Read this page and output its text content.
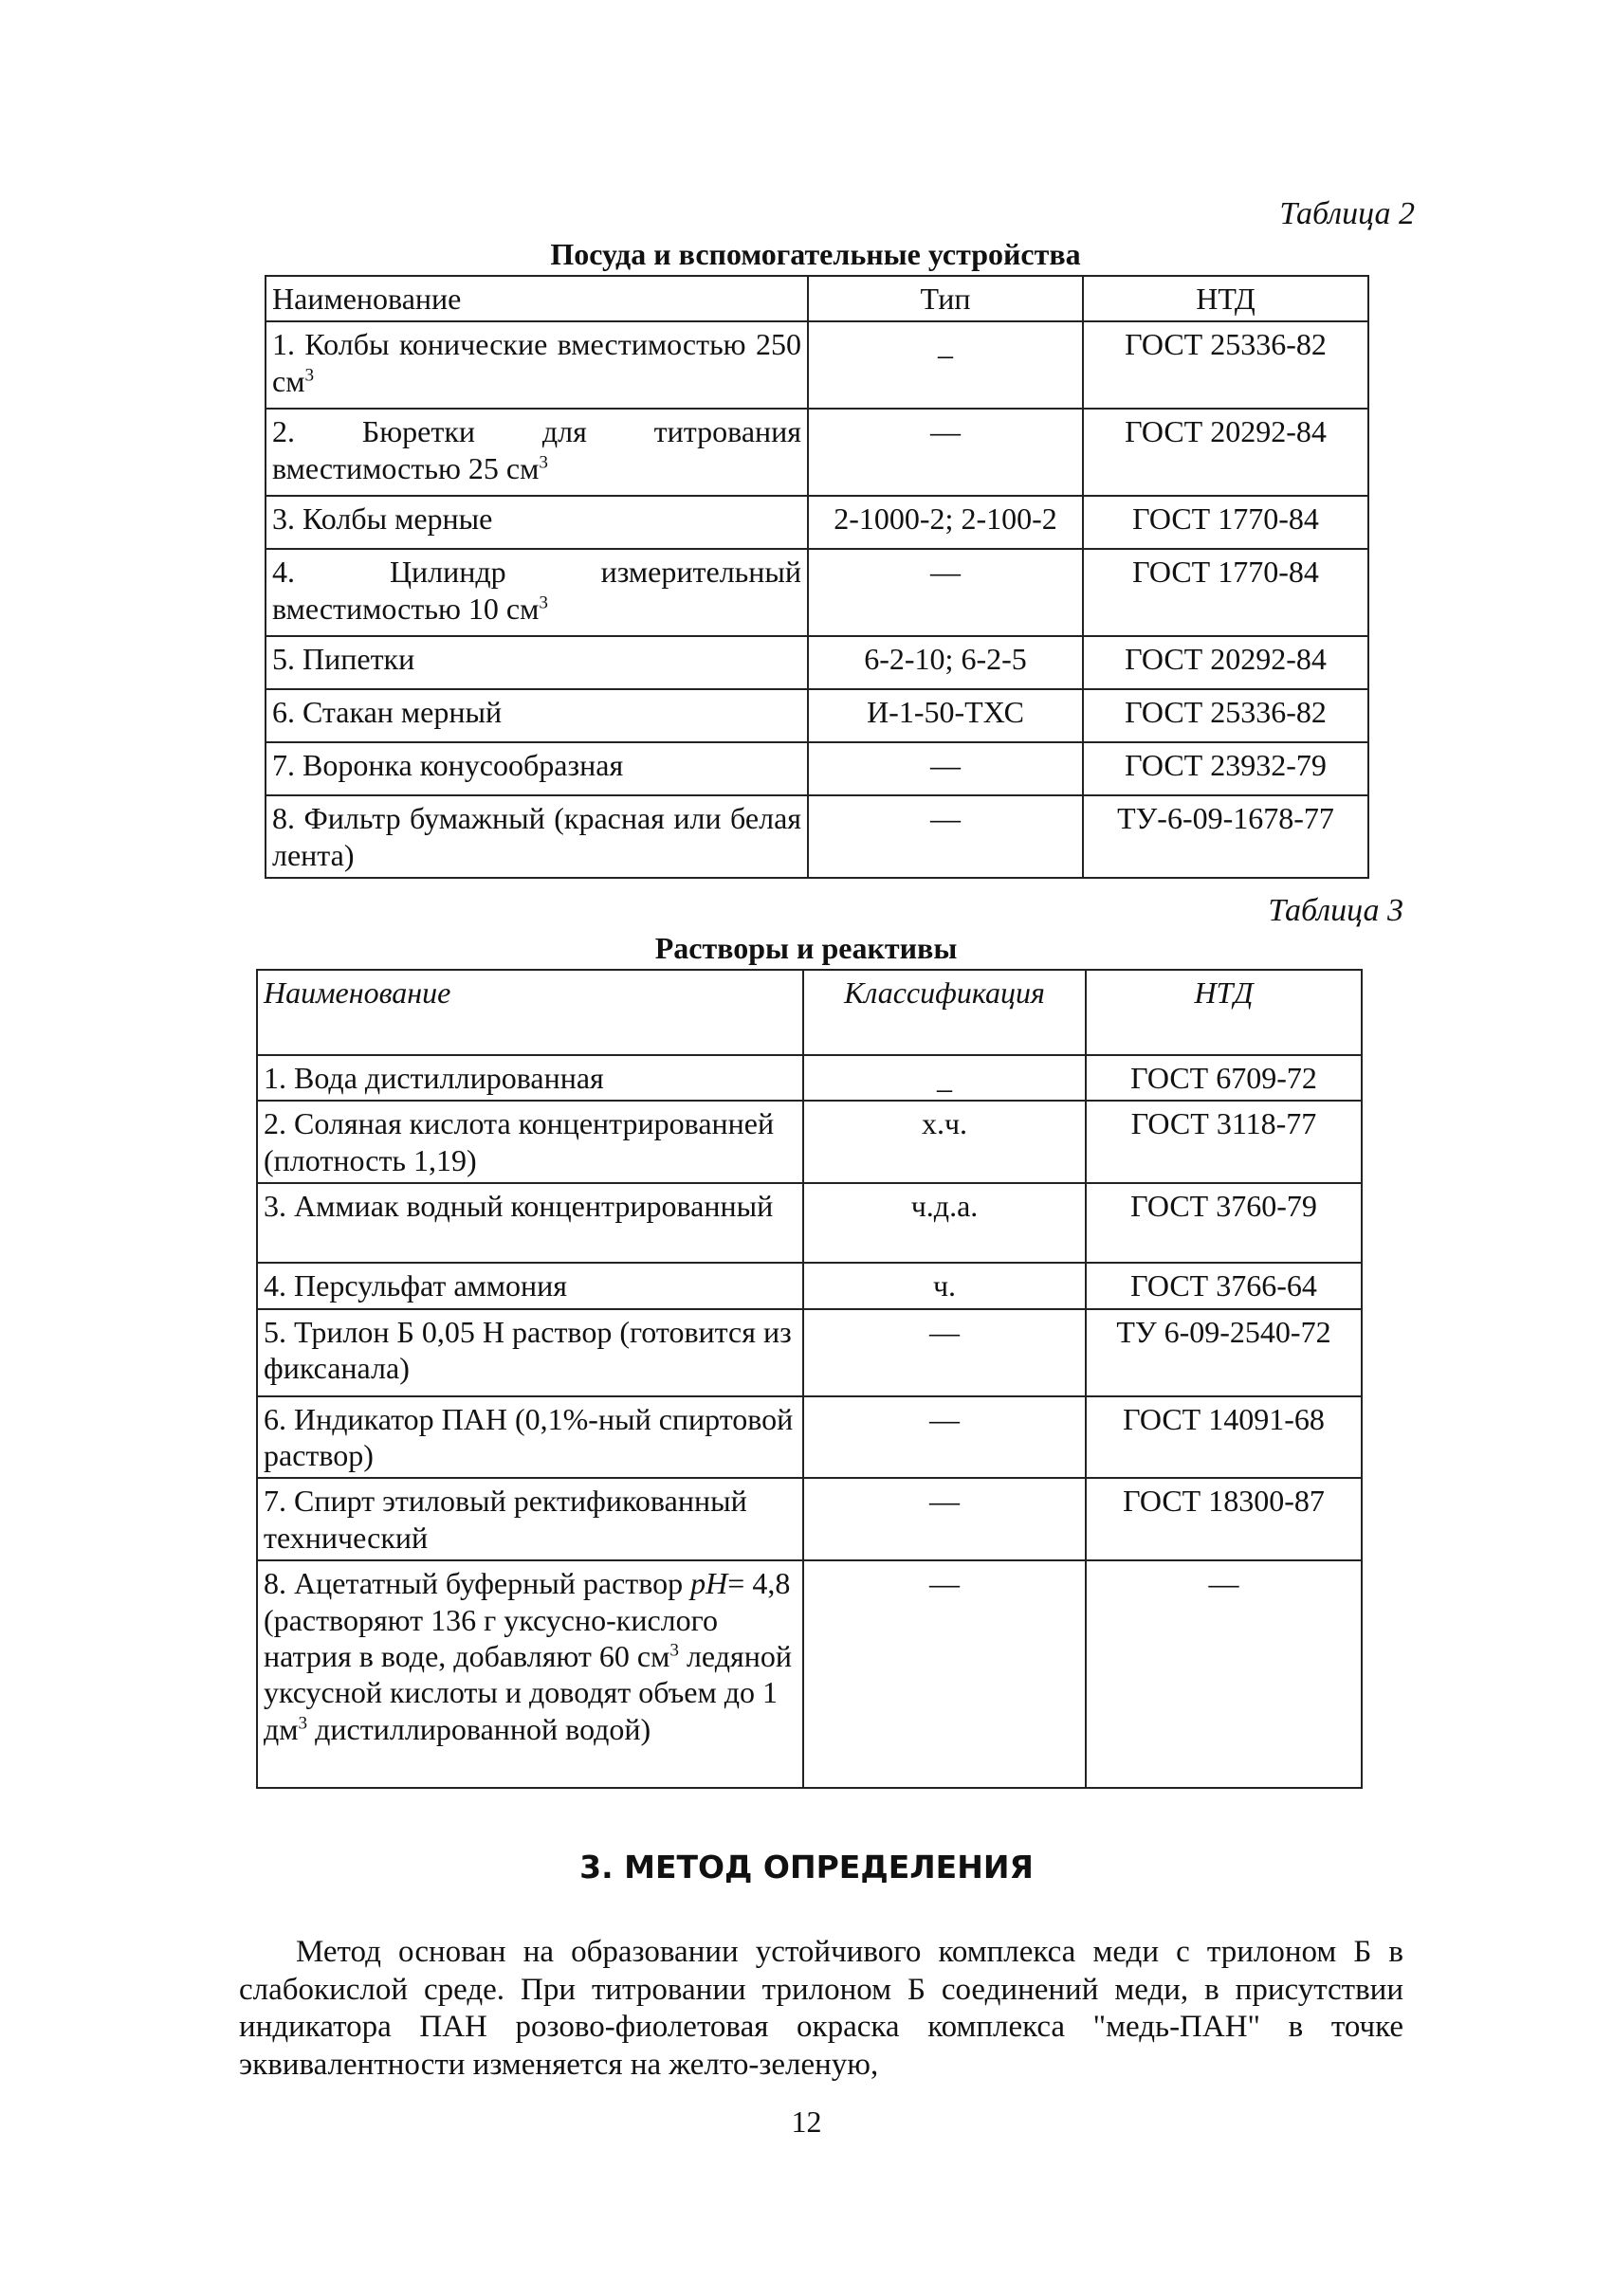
Таблица 2
Посуда и вспомогательные устройства
Наименование	Тип	НТД
1. Колбы конические вместимостью 250 $см^3$	_	ГОСТ 25336-82
2. Бюретки для титрования вместимостью 25 $см^3$	—	ГОСТ 20292-84
3. Колбы мерные	2-1000-2; 2-100-2	ГОСТ 1770-84
4. Цилиндр измерительный вместимостью 10 $см^3$	—	ГОСТ 1770-84
5. Пипетки	6-2-10; 6-2-5	ГОСТ 20292-84
6. Стакан мерный	И-1-50-ТХС	ГОСТ 25336-82
7. Воронка конусообразная	—	ГОСТ 23932-79
8. Фильтр бумажный (красная или белая лента)	—	ТУ-6-09-1678-77
Таблица 3
Растворы и реактивы
Наименование	Классификация	НТД
1. Вода дистиллированная	_	ГОСТ 6709-72
2. Соляная кислота концентрированней (плотность 1,19)	х.ч.	ГОСТ 3118-77
3. Аммиак водный концентрированный	ч.д.а.	ГОСТ 3760-79
4. Персульфат аммония	ч.	ГОСТ 3766-64
5. Трилон Б 0,05 Н раствор (готовится из фиксанала)	—	ТУ 6-09-2540-72
6. Индикатор ПАН (0,1%-ный спиртовой раствор)	—	ГОСТ 14091-68
7. Спирт этиловый ректификованный технический	—	ГОСТ 18300-87
8. Ацетатный буферный раствор pH= 4,8 (растворяют 136 г уксусно-кислого натрия в воде, добавляют 60 $см^3$ ледяной уксусной кислоты и доводят объем до 1 $дм^3$ дистиллированной водой)	—	—
3. МЕТОД ОПРЕДЕЛЕНИЯ
Метод основан на образовании устойчивого комплекса меди с трилоном Б в слабокислой среде. При титровании трилоном Б соединений меди, в присутствии индикатора ПАН розово-фиолетовая окраска комплекса "медь-ПАН" в точке эквивалентности изменяется на желто-зеленую,
12
